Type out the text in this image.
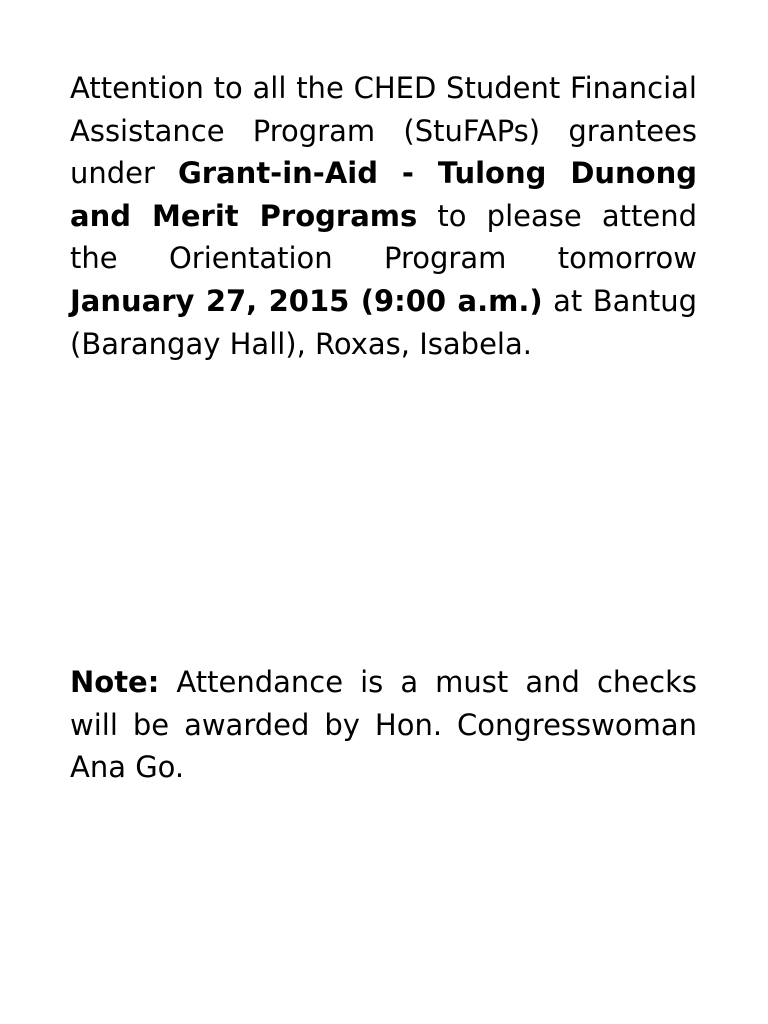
Attention to all the CHED Student Financial Assistance Program (StuFAPs) grantees under Grant-in-Aid - Tulong Dunong and Merit Programs to please attend the Orientation Program tomorrow January 27, 2015 (9:00 a.m.) at Bantug (Barangay Hall), Roxas, Isabela.

Note: Attendance is a must and checks will be awarded by Hon. Congresswoman Ana Go.
